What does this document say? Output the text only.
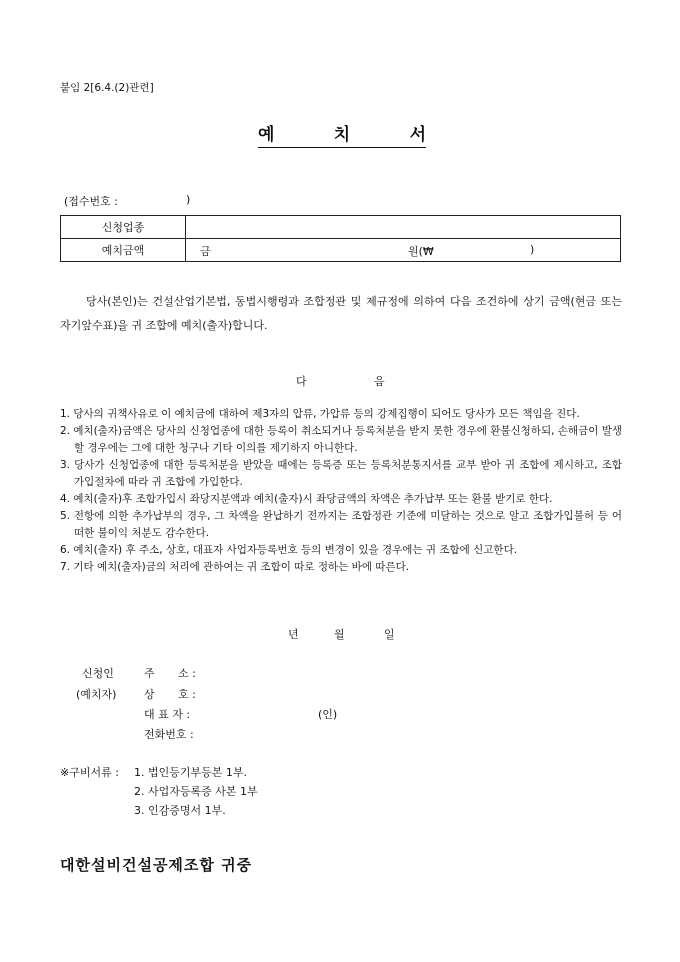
붙임 2[6.4.(2)관련]
예	치	서
(접수번호 :	)
신청업종	
예치금액	금 원(₩ )
당사(본인)는 건설산업기본법, 동법시행령과 조합정관 및 제규정에 의하여 다음 조건하에 상기 금액(현금 또는 자기앞수표)을 귀 조합에 예치(출자)합니다.
다	음
1. 당사의 귀책사유로 이 예치금에 대하여 제3자의 압류, 가압류 등의 강제집행이 되어도 당사가 모든 책임을 진다.
2. 예치(출자)금액은 당사의 신청업종에 대한 등록이 취소되거나 등록처분을 받지 못한 경우에 환불신청하되, 손해금이 발생할 경우에는 그에 대한 청구나 기타 이의를 제기하지 아니한다.
3. 당사가 신청업종에 대한 등록처분을 받았을 때에는 등록증 또는 등록처분통지서를 교부 받아 귀 조합에 제시하고, 조합 가입절차에 따라 귀 조합에 가입한다.
4. 예치(출자)후 조합가입시 좌당지분액과 예치(출자)시 좌당금액의 차액은 추가납부 또는 환불 받기로 한다.
5. 전항에 의한 추가납부의 경우, 그 차액을 완납하기 전까지는 조합정관 기준에 미달하는 것으로 알고 조합가입불허 등 어떠한 불이익 처분도 감수한다.
6. 예치(출자) 후 주소, 상호, 대표자 사업자등록번호 등의 변경이 있을 경우에는 귀 조합에 신고한다.
7. 기타 예치(출자)금의 처리에 관하여는 귀 조합이 따로 정하는 바에 따른다.
년	월	일
신청인
(예치자)
주 소 :
상 호 :
대 표 자 :	(인)
전화번호 :
※구비서류 : 1. 법인등기부등본 1부.
2. 사업자등록증 사본 1부
3. 인감증명서 1부.
대한설비건설공제조합 귀중
